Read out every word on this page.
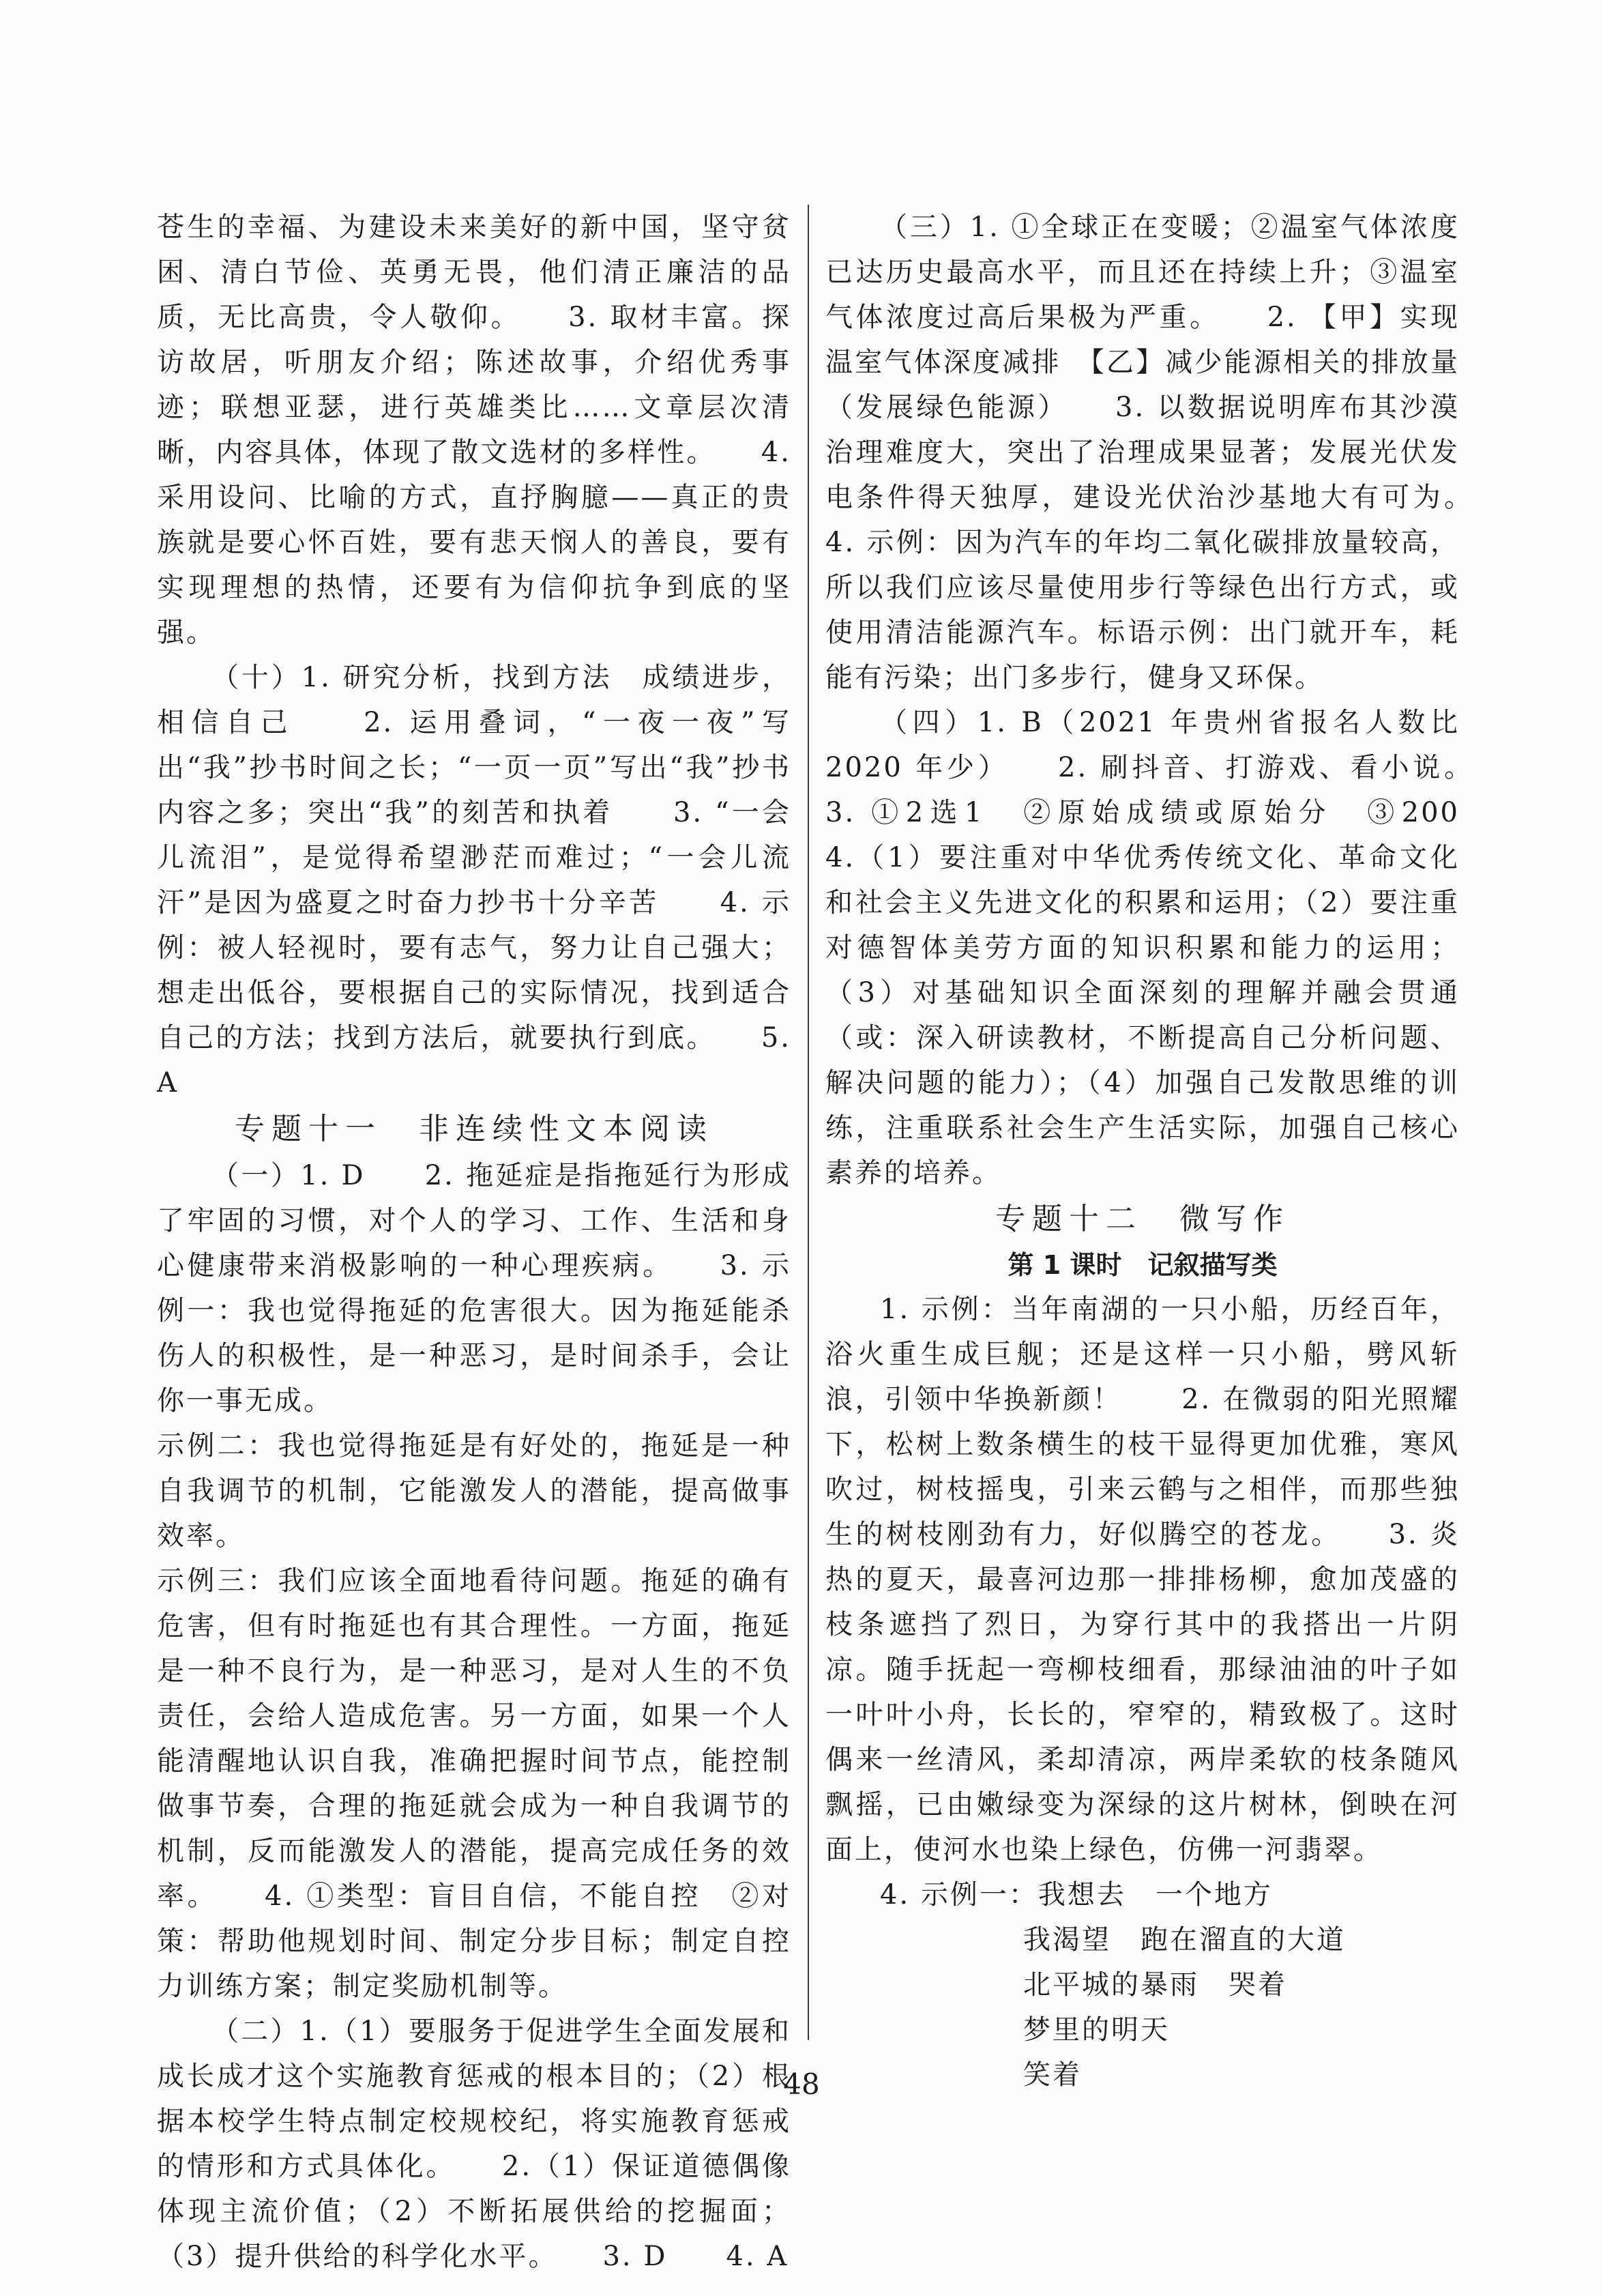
苍生的幸福、为建设未来美好的新中国，坚守贫困、清白节俭、英勇无畏，他们清正廉洁的品质，无比高贵，令人敬仰。　　3. 取材丰富。探访故居，听朋友介绍；陈述故事，介绍优秀事迹；联想亚瑟，进行英雄类比……文章层次清晰，内容具体，体现了散文选材的多样性。　　4. 采用设问、比喻的方式，直抒胸臆——真正的贵族就是要心怀百姓，要有悲天悯人的善良，要有实现理想的热情，还要有为信仰抗争到底的坚强。

（十）1. 研究分析，找到方法　成绩进步，相信自己　　2. 运用叠词，“一夜一夜”写出“我”抄书时间之长；“一页一页”写出“我”抄书内容之多；突出“我”的刻苦和执着　　3. “一会儿流泪”，是觉得希望渺茫而难过；“一会儿流汗”是因为盛夏之时奋力抄书十分辛苦　　4. 示例：被人轻视时，要有志气，努力让自己强大；想走出低谷，要根据自己的实际情况，找到适合自己的方法；找到方法后，就要执行到底。　　5. A

专题十一　非连续性文本阅读

（一）1. D　　2. 拖延症是指拖延行为形成了牢固的习惯，对个人的学习、工作、生活和身心健康带来消极影响的一种心理疾病。　　3. 示例一：我也觉得拖延的危害很大。因为拖延能杀伤人的积极性，是一种恶习，是时间杀手，会让你一事无成。

示例二：我也觉得拖延是有好处的，拖延是一种自我调节的机制，它能激发人的潜能，提高做事效率。

示例三：我们应该全面地看待问题。拖延的确有危害，但有时拖延也有其合理性。一方面，拖延是一种不良行为，是一种恶习，是对人生的不负责任，会给人造成危害。另一方面，如果一个人能清醒地认识自我，准确把握时间节点，能控制做事节奏，合理的拖延就会成为一种自我调节的机制，反而能激发人的潜能，提高完成任务的效率。　　4. ①类型：盲目自信，不能自控　②对策：帮助他规划时间、制定分步目标；制定自控力训练方案；制定奖励机制等。

（二）1.（1）要服务于促进学生全面发展和成长成才这个实施教育惩戒的根本目的；（2）根据本校学生特点制定校规校纪，将实施教育惩戒的情形和方式具体化。　　2.（1）保证道德偶像体现主流价值；（2）不断拓展供给的挖掘面；（3）提升供给的科学化水平。　　3. D　　4. A

（三）1. ①全球正在变暖；②温室气体浓度已达历史最高水平，而且还在持续上升；③温室气体浓度过高后果极为严重。　　2. 【甲】实现温室气体深度减排　【乙】减少能源相关的排放量（发展绿色能源）　　3. 以数据说明库布其沙漠治理难度大，突出了治理成果显著；发展光伏发电条件得天独厚，建设光伏治沙基地大有可为。　　4. 示例：因为汽车的年均二氧化碳排放量较高，所以我们应该尽量使用步行等绿色出行方式，或使用清洁能源汽车。标语示例：出门就开车，耗能有污染；出门多步行，健身又环保。

（四）1. B（2021 年贵州省报名人数比 2020 年少）　　2. 刷抖音、打游戏、看小说。　　3. ①2选1　②原始成绩或原始分　③200　　4.（1）要注重对中华优秀传统文化、革命文化和社会主义先进文化的积累和运用；（2）要注重对德智体美劳方面的知识积累和能力的运用；（3）对基础知识全面深刻的理解并融会贯通（或：深入研读教材，不断提高自己分析问题、解决问题的能力）；（4）加强自己发散思维的训练，注重联系社会生产生活实际，加强自己核心素养的培养。

专题十二　微写作

第 1 课时　记叙描写类

1. 示例：当年南湖的一只小船，历经百年，浴火重生成巨舰；还是这样一只小船，劈风斩浪，引领中华换新颜！　　2. 在微弱的阳光照耀下，松树上数条横生的枝干显得更加优雅，寒风吹过，树枝摇曳，引来云鹤与之相伴，而那些独生的树枝刚劲有力，好似腾空的苍龙。　　3. 炎热的夏天，最喜河边那一排排杨柳，愈加茂盛的枝条遮挡了烈日，为穿行其中的我搭出一片阴凉。随手抚起一弯柳枝细看，那绿油油的叶子如一叶叶小舟，长长的，窄窄的，精致极了。这时偶来一丝清风，柔却清凉，两岸柔软的枝条随风飘摇，已由嫩绿变为深绿的这片树林，倒映在河面上，使河水也染上绿色，仿佛一河翡翠。

4. 示例一：我想去　一个地方

我渴望　跑在溜直的大道

北平城的暴雨　哭着

梦里的明天

笑着

48
